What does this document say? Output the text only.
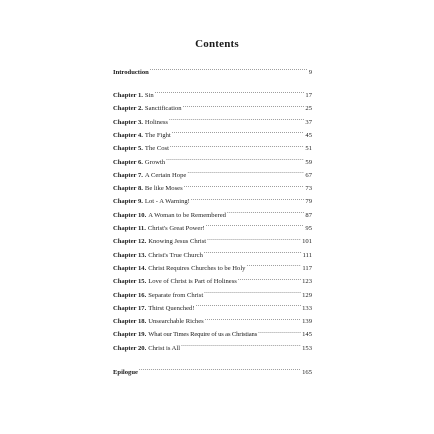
Contents
Introduction .....	9
Chapter 1. Sin .....	17
Chapter 2. Sanctification .....	25
Chapter 3. Holiness .....	37
Chapter 4. The Fight .....	45
Chapter 5. The Cost .....	51
Chapter 6. Growth .....	59
Chapter 7. A Certain Hope .....	67
Chapter 8. Be like Moses .....	73
Chapter 9. Lot - A Warning! .....	79
Chapter 10. A Woman to be Remembered .....	87
Chapter 11. Christ's Great Power! .....	95
Chapter 12. Knowing Jesus Christ .....	101
Chapter 13. Christ's True Church .....	111
Chapter 14. Christ Requires Churches to be Holy .....	117
Chapter 15. Love of Christ is Part of Holiness .....	123
Chapter 16. Separate from Christ .....	129
Chapter 17. Thirst Quenched! .....	133
Chapter 18. Unsearchable Riches .....	139
Chapter 19. What our Times Require of us as Christians .....	145
Chapter 20. Christ is All .....	153
Epilogue .....	165
